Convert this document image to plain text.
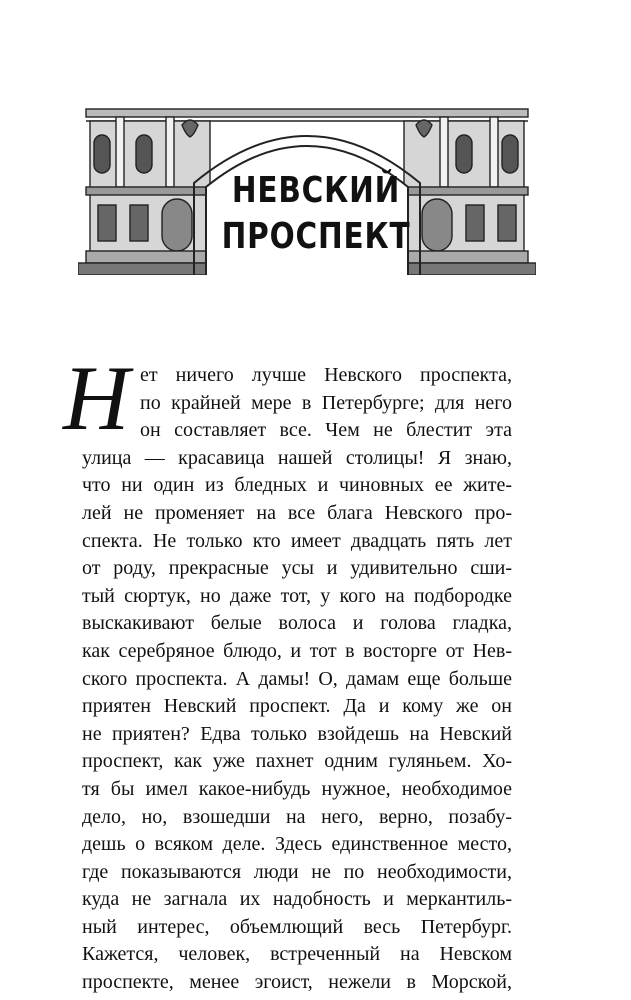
НЕВСКИЙ
ПРОСПЕКТ
Н ет ничего лучше Невского проспекта,
по крайней мере в Петербурге; для него
он составляет все. Чем не блестит эта
улица — красавица нашей столицы! Я знаю,
что ни один из бледных и чиновных ее жите-
лей не променяет на все блага Невского про-
спекта. Не только кто имеет двадцать пять лет
от роду, прекрасные усы и удивительно сши-
тый сюртук, но даже тот, у кого на подбородке
выскакивают белые волоса и голова гладка,
как серебряное блюдо, и тот в восторге от Нев-
ского проспекта. А дамы! О, дамам еще больше
приятен Невский проспект. Да и кому же он
не приятен? Едва только взойдешь на Невский
проспект, как уже пахнет одним гуляньем. Хо-
тя бы имел какое-нибудь нужное, необходимое
дело, но, взошедши на него, верно, позабу-
дешь о всяком деле. Здесь единственное место,
где показываются люди не по необходимости,
куда не загнала их надобность и меркантиль-
ный интерес, объемлющий весь Петербург.
Кажется, человек, встреченный на Невском
проспекте, менее эгоист, нежели в Морской,
